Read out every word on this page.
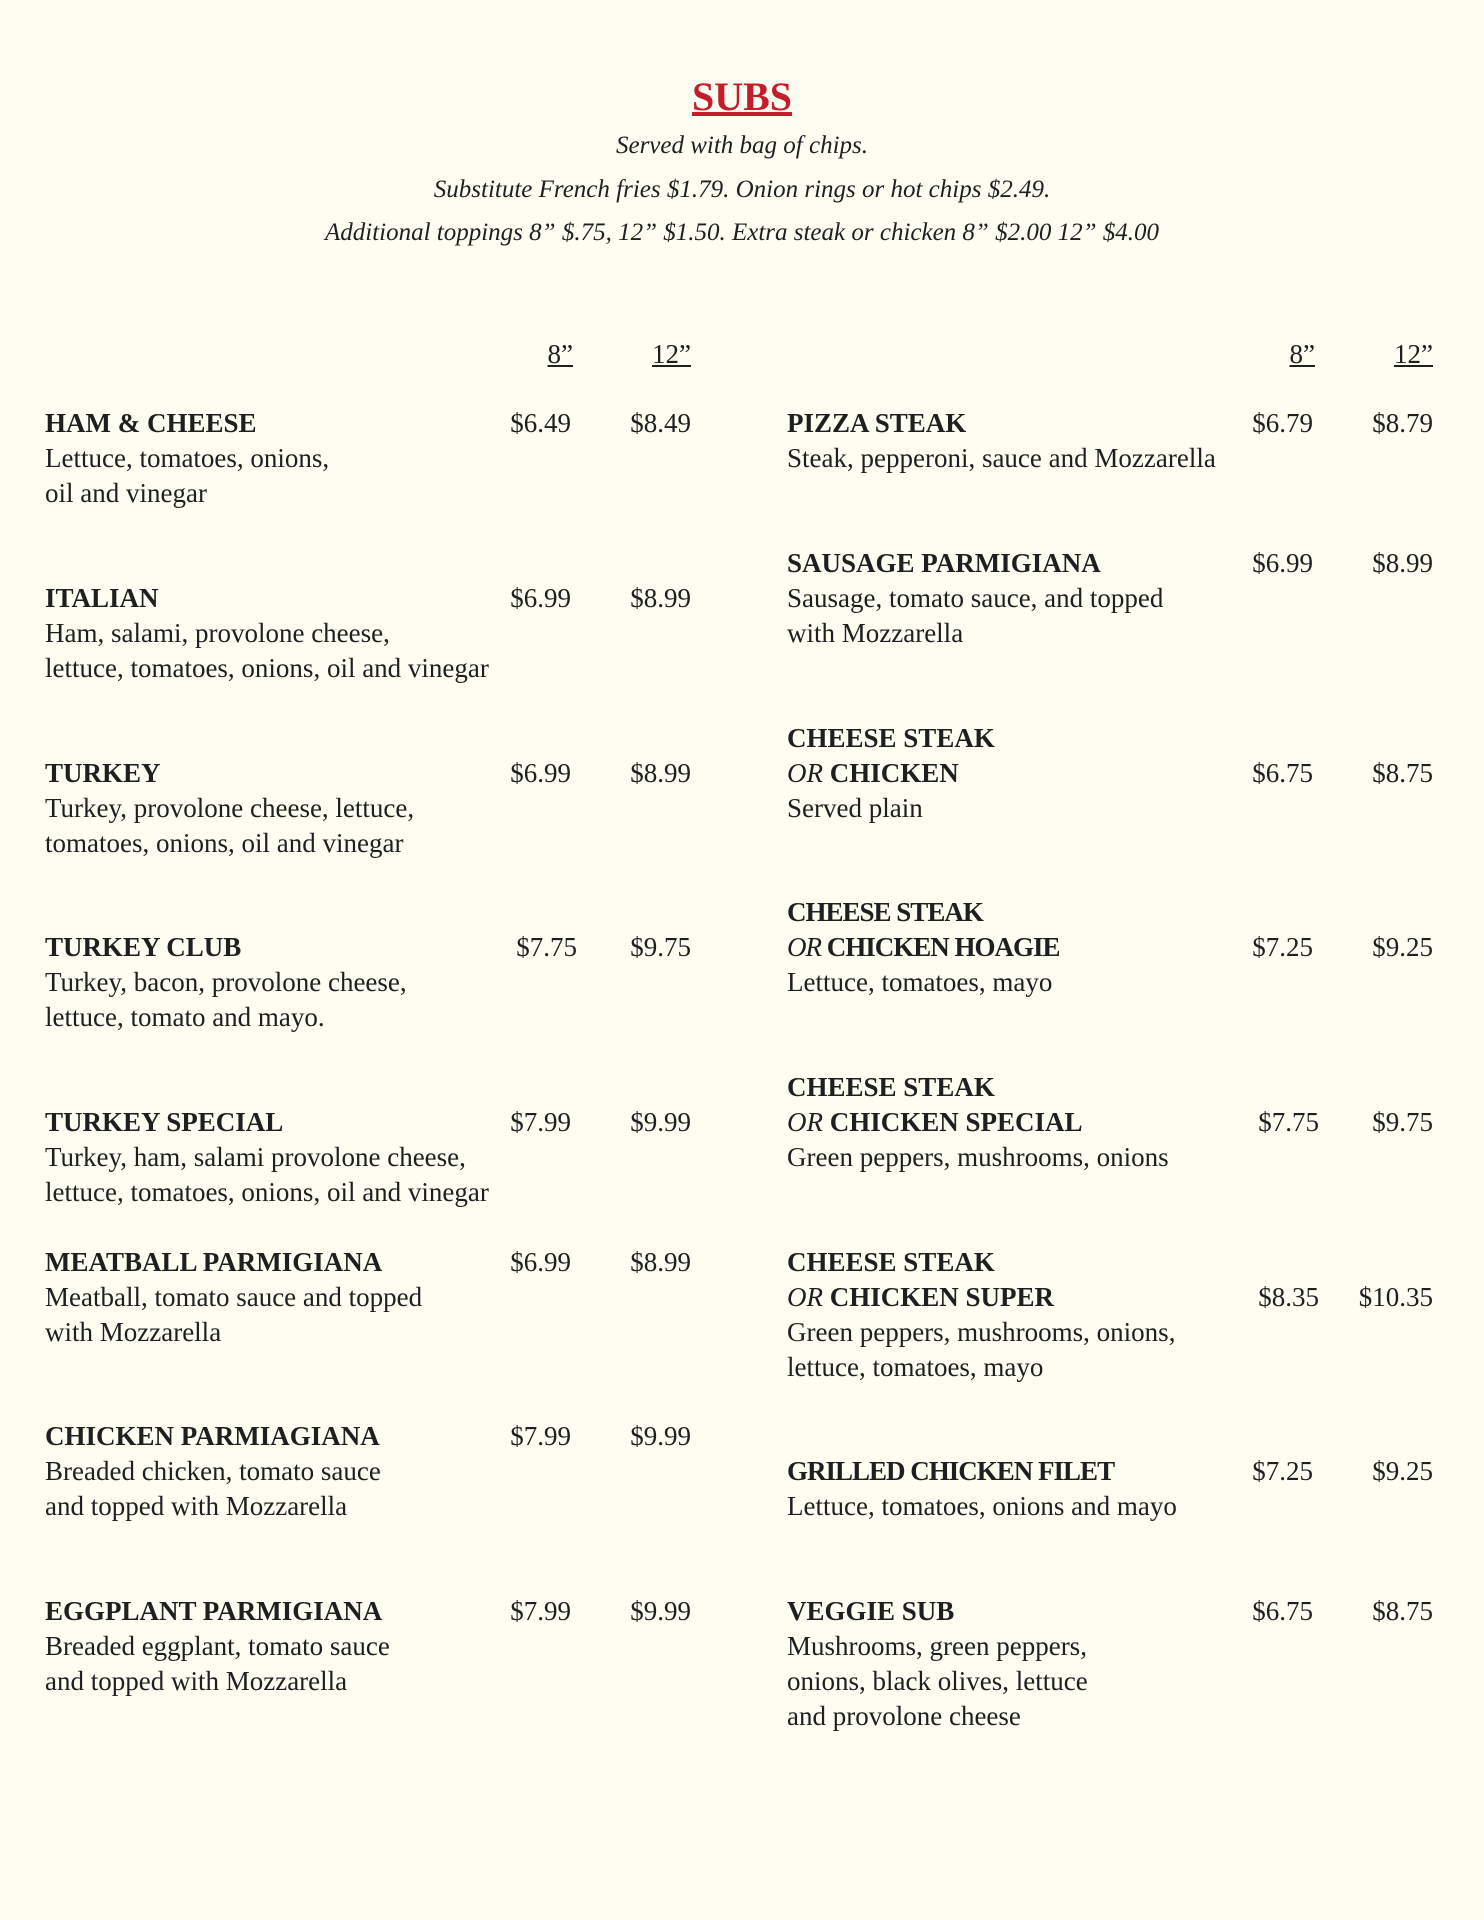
SUBS
Served with bag of chips.
Substitute French fries $1.79. Onion rings or hot chips $2.49.
Additional toppings 8” $.75, 12” $1.50. Extra steak or chicken 8” $2.00 12” $4.00
8”	12”
HAM & CHEESE	$6.49 $8.49
Lettuce, tomatoes, onions,
oil and vinegar
ITALIAN	$6.99 $8.99
Ham, salami, provolone cheese,
lettuce, tomatoes, onions, oil and vinegar
TURKEY	$6.99 $8.99
Turkey, provolone cheese, lettuce,
tomatoes, onions, oil and vinegar
TURKEY CLUB	$7.75 $9.75
Turkey, bacon, provolone cheese,
lettuce, tomato and mayo.
TURKEY SPECIAL	$7.99 $9.99
Turkey, ham, salami provolone cheese,
lettuce, tomatoes, onions, oil and vinegar
MEATBALL PARMIGIANA	$6.99 $8.99
Meatball, tomato sauce and topped
with Mozzarella
CHICKEN PARMIAGIANA	$7.99 $9.99
Breaded chicken, tomato sauce
and topped with Mozzarella
EGGPLANT PARMIGIANA	$7.99 $9.99
Breaded eggplant, tomato sauce
and topped with Mozzarella
8”	12”
PIZZA STEAK	$6.79 $8.79
Steak, pepperoni, sauce and Mozzarella
SAUSAGE PARMIGIANA	$6.99 $8.99
Sausage, tomato sauce, and topped
with Mozzarella
CHEESE STEAK
OR CHICKEN	$6.75 $8.75
Served plain
CHEESE STEAK
OR CHICKEN HOAGIE	$7.25 $9.25
Lettuce, tomatoes, mayo
CHEESE STEAK
OR CHICKEN SPECIAL	$7.75 $9.75
Green peppers, mushrooms, onions
CHEESE STEAK
OR CHICKEN SUPER	$8.35 $10.35
Green peppers, mushrooms, onions,
lettuce, tomatoes, mayo
GRILLED CHICKEN FILET	$7.25 $9.25
Lettuce, tomatoes, onions and mayo
VEGGIE SUB	$6.75 $8.75
Mushrooms, green peppers,
onions, black olives, lettuce
and provolone cheese
